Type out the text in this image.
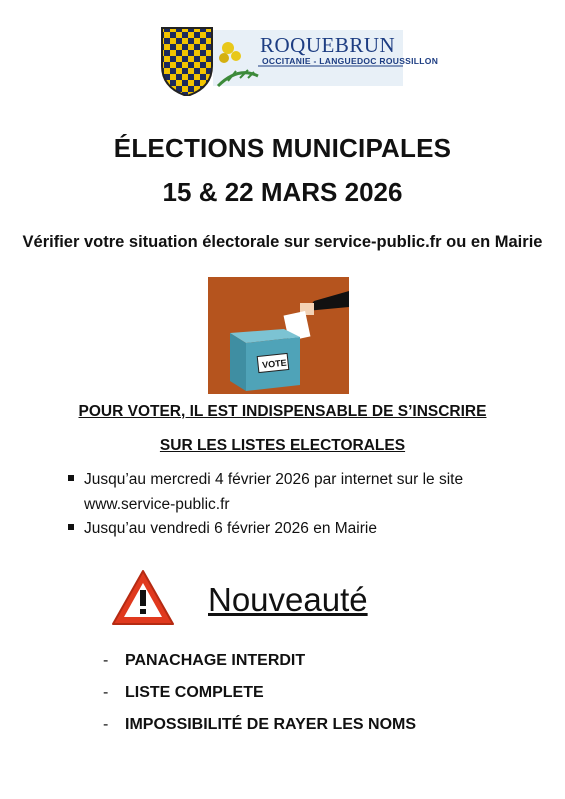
ROQUEBRUN
OCCITANIE - LANGUEDOC ROUSSILLON
ÉLECTIONS MUNICIPALES
15 & 22 MARS 2026
Vérifier votre situation électorale sur service-public.fr ou en Mairie
VOTE
POUR VOTER, IL EST INDISPENSABLE DE S’INSCRIRE
SUR LES LISTES ELECTORALES
Jusqu’au mercredi 4 février 2026 par internet sur le site
www.service-public.fr
Jusqu’au vendredi 6 février 2026 en Mairie
Nouveauté
- PANACHAGE INTERDIT
- LISTE COMPLETE
- IMPOSSIBILITÉ DE RAYER LES NOMS
